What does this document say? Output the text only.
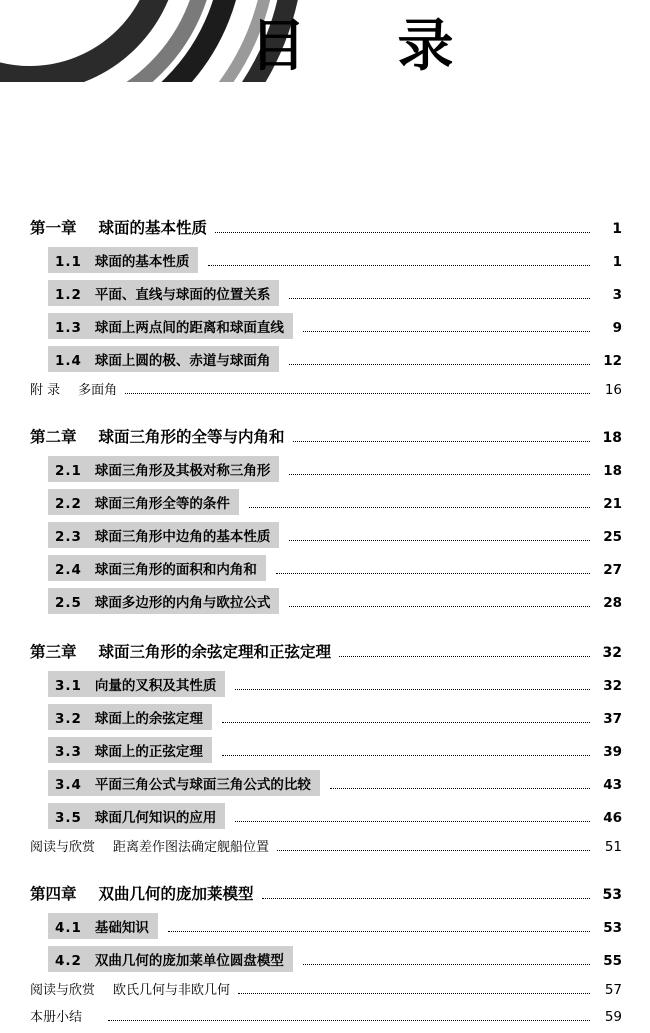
目 录
第一章 球面的基本性质	1
1.1 球面的基本性质	1
1.2 平面、直线与球面的位置关系	3
1.3 球面上两点间的距离和球面直线	9
1.4 球面上圆的极、赤道与球面角	12
附 录 多面角	16
第二章 球面三角形的全等与内角和	18
2.1 球面三角形及其极对称三角形	18
2.2 球面三角形全等的条件	21
2.3 球面三角形中边角的基本性质	25
2.4 球面三角形的面积和内角和	27
2.5 球面多边形的内角与欧拉公式	28
第三章 球面三角形的余弦定理和正弦定理	32
3.1 向量的叉积及其性质	32
3.2 球面上的余弦定理	37
3.3 球面上的正弦定理	39
3.4 平面三角公式与球面三角公式的比较	43
3.5 球面几何知识的应用	46
阅读与欣赏 距离差作图法确定舰船位置	51
第四章 双曲几何的庞加莱模型	53
4.1 基础知识	53
4.2 双曲几何的庞加莱单位圆盘模型	55
阅读与欣赏 欧氏几何与非欧几何	57
本册小结	59
